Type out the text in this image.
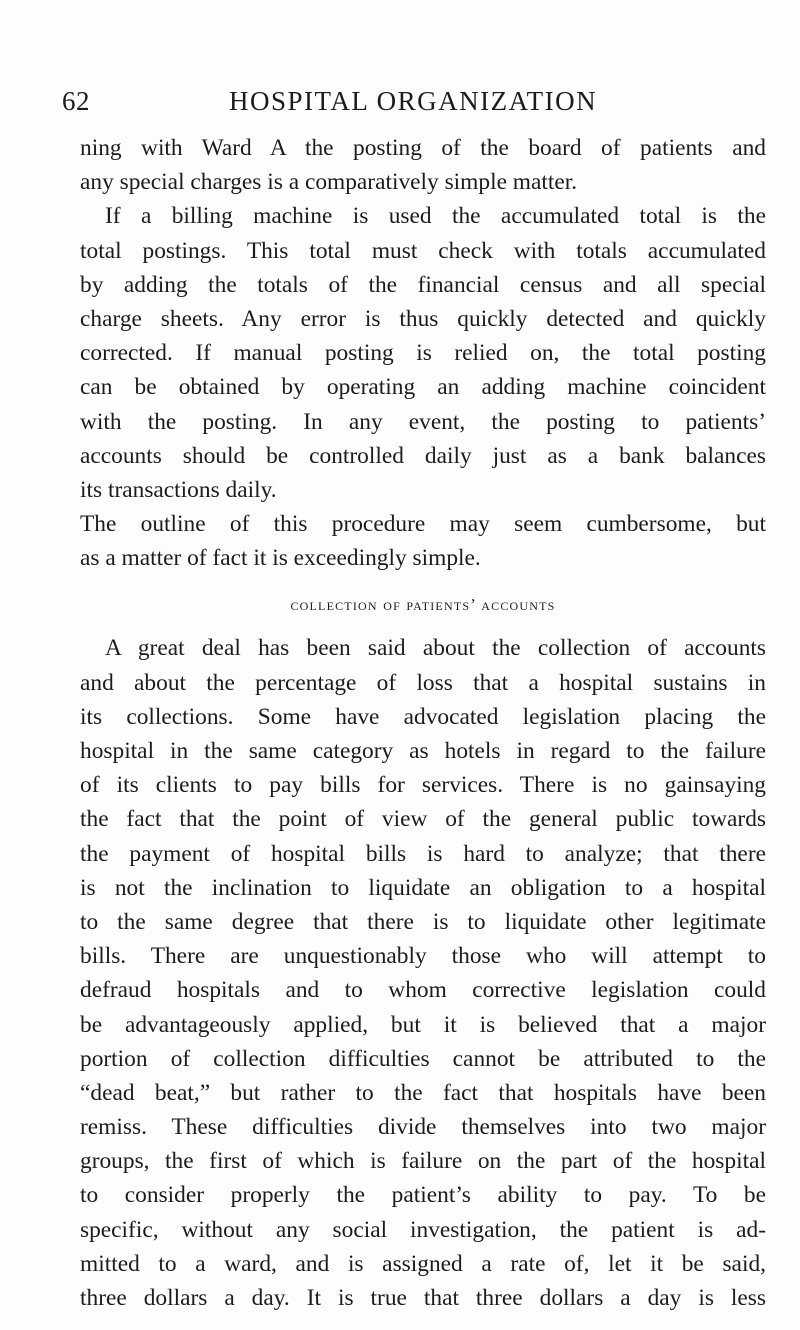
62	HOSPITAL ORGANIZATION
ning with Ward A the posting of the board of patients and
any special charges is a comparatively simple matter.
If a billing machine is used the accumulated total is the
total postings. This total must check with totals accumulated
by adding the totals of the financial census and all special
charge sheets. Any error is thus quickly detected and quickly
corrected. If manual posting is relied on, the total posting
can be obtained by operating an adding machine coincident
with the posting. In any event, the posting to patients’
accounts should be controlled daily just as a bank balances
its transactions daily.
The outline of this procedure may seem cumbersome, but
as a matter of fact it is exceedingly simple.
collection of patients’ accounts
A great deal has been said about the collection of accounts
and about the percentage of loss that a hospital sustains in
its collections. Some have advocated legislation placing the
hospital in the same category as hotels in regard to the failure
of its clients to pay bills for services. There is no gainsaying
the fact that the point of view of the general public towards
the payment of hospital bills is hard to analyze; that there
is not the inclination to liquidate an obligation to a hospital
to the same degree that there is to liquidate other legitimate
bills. There are unquestionably those who will attempt to
defraud hospitals and to whom corrective legislation could
be advantageously applied, but it is believed that a major
portion of collection difficulties cannot be attributed to the
“dead beat,” but rather to the fact that hospitals have been
remiss. These difficulties divide themselves into two major
groups, the first of which is failure on the part of the hospital
to consider properly the patient’s ability to pay. To be
specific, without any social investigation, the patient is ad-
mitted to a ward, and is assigned a rate of, let it be said,
three dollars a day. It is true that three dollars a day is less
